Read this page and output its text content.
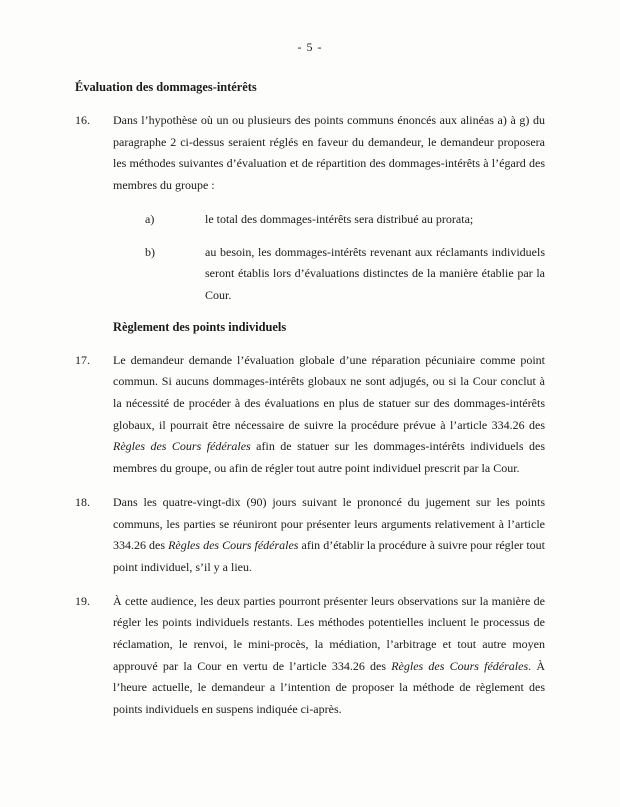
- 5 -
Évaluation des dommages-intérêts
16.	Dans l’hypothèse où un ou plusieurs des points communs énoncés aux alinéas a) à g) du paragraphe 2 ci-dessus seraient réglés en faveur du demandeur, le demandeur proposera les méthodes suivantes d’évaluation et de répartition des dommages-intérêts à l’égard des membres du groupe :
a)	le total des dommages-intérêts sera distribué au prorata;
b)	au besoin, les dommages-intérêts revenant aux réclamants individuels seront établis lors d’évaluations distinctes de la manière établie par la Cour.
Règlement des points individuels
17.	Le demandeur demande l’évaluation globale d’une réparation pécuniaire comme point commun. Si aucuns dommages-intérêts globaux ne sont adjugés, ou si la Cour conclut à la nécessité de procéder à des évaluations en plus de statuer sur des dommages-intérêts globaux, il pourrait être nécessaire de suivre la procédure prévue à l’article 334.26 des Règles des Cours fédérales afin de statuer sur les dommages-intérêts individuels des membres du groupe, ou afin de régler tout autre point individuel prescrit par la Cour.
18.	Dans les quatre-vingt-dix (90) jours suivant le prononcé du jugement sur les points communs, les parties se réuniront pour présenter leurs arguments relativement à l’article 334.26 des Règles des Cours fédérales afin d’établir la procédure à suivre pour régler tout point individuel, s’il y a lieu.
19.	À cette audience, les deux parties pourront présenter leurs observations sur la manière de régler les points individuels restants. Les méthodes potentielles incluent le processus de réclamation, le renvoi, le mini-procès, la médiation, l’arbitrage et tout autre moyen approuvé par la Cour en vertu de l’article 334.26 des Règles des Cours fédérales. À l’heure actuelle, le demandeur a l’intention de proposer la méthode de règlement des points individuels en suspens indiquée ci-après.
